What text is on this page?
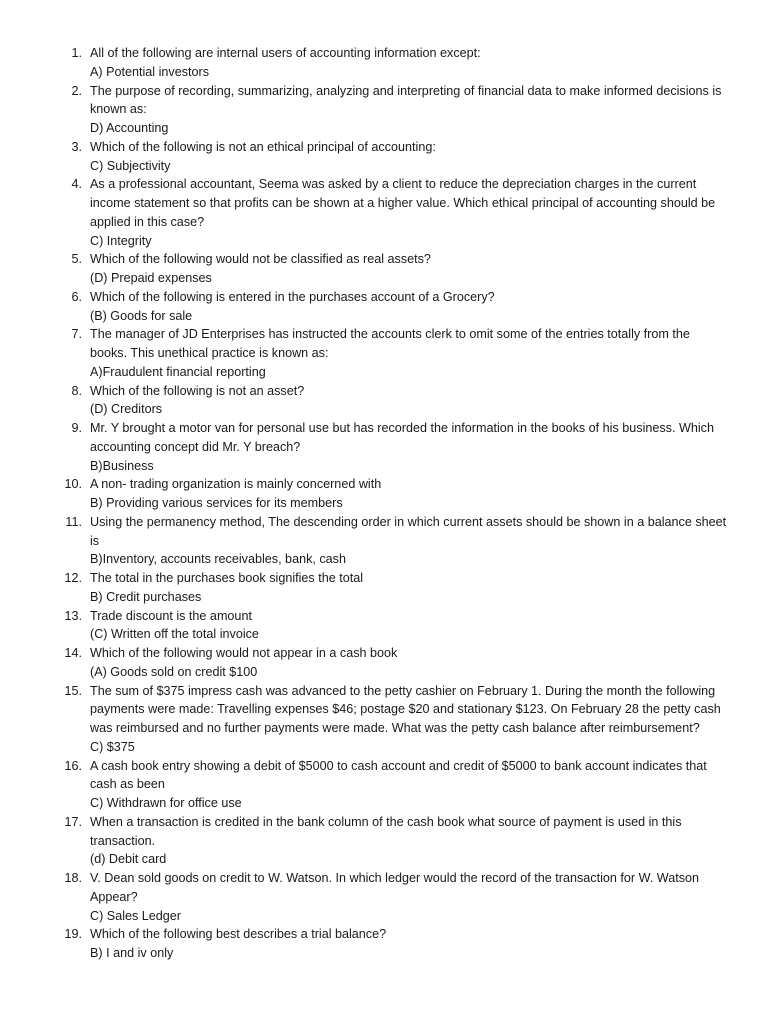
1. All of the following are internal users of accounting information except:
A) Potential investors
2. The purpose of recording, summarizing, analyzing and interpreting of financial data to make informed decisions is known as:
D) Accounting
3. Which of the following is not an ethical principal of accounting:
C) Subjectivity
4. As a professional accountant, Seema was asked by a client to reduce the depreciation charges in the current income statement so that profits can be shown at a higher value. Which ethical principal of accounting should be applied in this case?
C) Integrity
5. Which of the following would not be classified as real assets?
(D) Prepaid expenses
6. Which of the following is entered in the purchases account of a Grocery?
(B) Goods for sale
7. The manager of JD Enterprises has instructed the accounts clerk to omit some of the entries totally from the books. This unethical practice is known as:
A)Fraudulent financial reporting
8. Which of the following is not an asset?
(D) Creditors
9. Mr. Y brought a motor van for personal use but has recorded the information in the books of his business. Which accounting concept did Mr. Y breach?
B)Business
10. A non- trading organization is mainly concerned with
B) Providing various services for its members
11. Using the permanency method, The descending order in which current assets should be shown in a balance sheet is
B)Inventory, accounts receivables, bank, cash
12. The total in the purchases book signifies the total
B) Credit purchases
13. Trade discount is the amount
(C) Written off the total invoice
14. Which of the following would not appear in a cash book
(A) Goods sold on credit $100
15. The sum of $375 impress cash was advanced to the petty cashier on February 1. During the month the following payments were made: Travelling expenses $46; postage $20 and stationary $123. On February 28 the petty cash was reimbursed and no further payments were made. What was the petty cash balance after reimbursement?
C) $375
16. A cash book entry showing a debit of $5000 to cash account and credit of $5000 to bank account indicates that cash as been
C) Withdrawn for office use
17. When a transaction is credited in the bank column of the cash book what source of payment is used in this transaction.
(d) Debit card
18. V. Dean sold goods on credit to W. Watson. In which ledger would the record of the transaction for W. Watson Appear?
C) Sales Ledger
19. Which of the following best describes a trial balance?
B) I and iv only
